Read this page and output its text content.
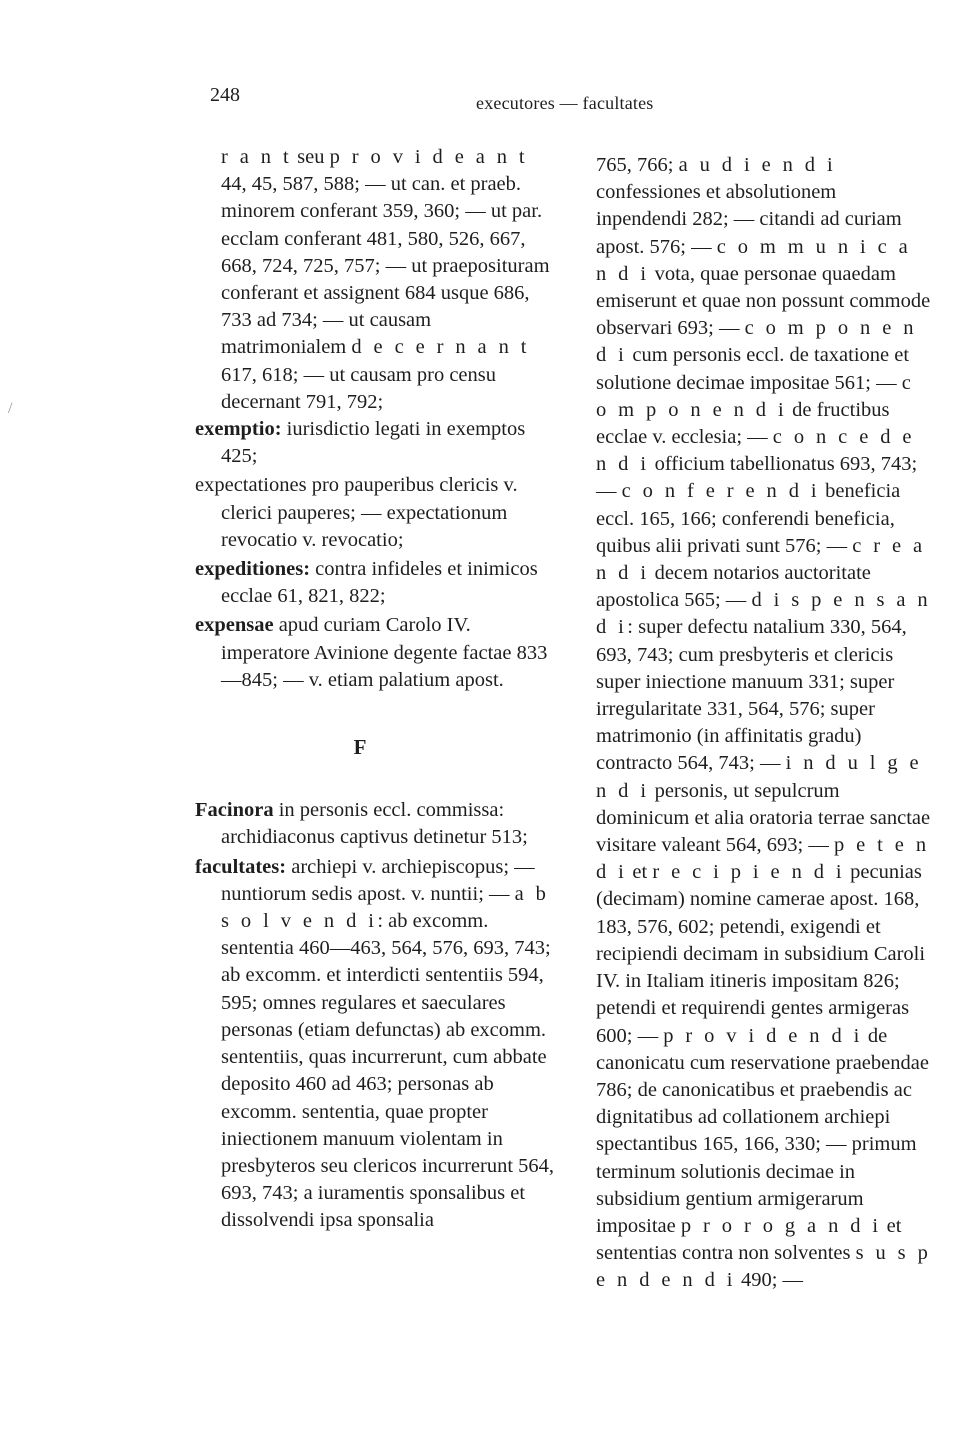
248	executores — facultates
/

r a n t seu p r o v i d e a n t 44, 45, 587, 588; — ut can. et praeb. minorem conferant 359, 360; — ut par. ecclam conferant 481, 580, 526, 667, 668, 724, 725, 757; — ut praeposituram conferant et assignent 684 usque 686, 733 ad 734; — ut causam matrimonialem d e c e r n a n t 617, 618; — ut causam pro censu decernant 791, 792;

exemptio: iurisdictio legati in exemptos 425;

expectationes pro pauperibus clericis v. clerici pauperes; — expectationum revocatio v. revocatio;

expeditiones: contra infideles et inimicos ecclae 61, 821, 822;

expensae apud curiam Carolo IV. imperatore Avinione degente factae 833—845; — v. etiam palatium apost.

F

Facinora in personis eccl. commissa: archidiaconus captivus detinetur 513;

facultates: archiepi v. archiepiscopus; — nuntiorum sedis apost. v. nuntii; — a b s o l v e n d i: ab excomm. sententia 460—463, 564, 576, 693, 743; ab excomm. et interdicti sententiis 594, 595; omnes regulares et saeculares personas (etiam defunctas) ab excomm. sententiis, quas incurrerunt, cum abbate deposito 460 ad 463; personas ab excomm. sententia, quae propter iniectionem manuum violentam in presbyteros seu clericos incurrerunt 564, 693, 743; a iuramentis sponsalibus et dissolvendi ipsa sponsalia

765, 766; a u d i e n d i confessiones et absolutionem inpendendi 282; — citandi ad curiam apost. 576; — c o m m u n i c a n d i vota, quae personae quaedam emiserunt et quae non possunt commode observari 693; — c o m p o n e n d i cum personis eccl. de taxatione et solutione decimae impositae 561; — c o m p o n e n d i de fructibus ecclae v. ecclesia; — c o n c e d e n d i officium tabellionatus 693, 743; — c o n f e r e n d i beneficia eccl. 165, 166; conferendi beneficia, quibus alii privati sunt 576; — c r e a n d i decem notarios auctoritate apostolica 565; — d i s p e n s a n d i: super defectu natalium 330, 564, 693, 743; cum presbyteris et clericis super iniectione manuum 331; super irregularitate 331, 564, 576; super matrimonio (in affinitatis gradu) contracto 564, 743; — i n d u l g e n d i personis, ut sepulcrum dominicum et alia oratoria terrae sanctae visitare valeant 564, 693; — p e t e n d i et r e c i p i e n d i pecunias (decimam) nomine camerae apost. 168, 183, 576, 602; petendi, exigendi et recipiendi decimam in subsidium Caroli IV. in Italiam itineris impositam 826; petendi et requirendi gentes armigeras 600; — p r o v i d e n d i de canonicatu cum reservatione praebendae 786; de canonicatibus et praebendis ac dignitatibus ad collationem archiepi spectantibus 165, 166, 330; — primum terminum solutionis decimae in subsidium gentium armigerarum impositae p r o r o g a n d i et sententias contra non solventes s u s p e n d e n d i 490; —
